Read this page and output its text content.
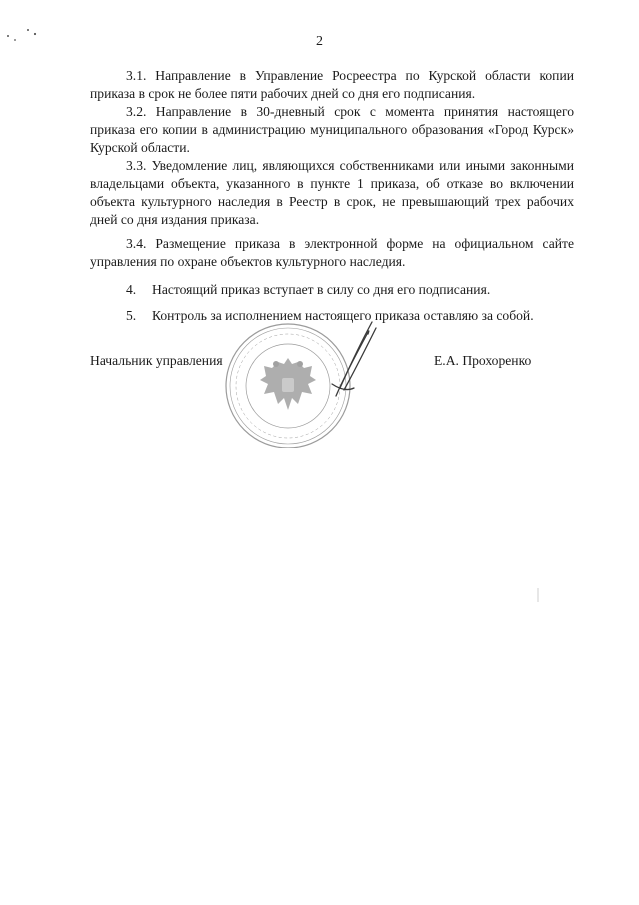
2

3.1. Направление в Управление Росреестра по Курской области копии приказа в срок не более пяти рабочих дней со дня его подписания.

3.2. Направление в 30-дневный срок с момента принятия настоящего приказа его копии в администрацию муниципального образования «Город Курск» Курской области.

3.3. Уведомление лиц, являющихся собственниками или иными законными владельцами объекта, указанного в пункте 1 приказа, об отказе во включении объекта культурного наследия в Реестр в срок, не превышающий трех рабочих дней со дня издания приказа.

3.4. Размещение приказа в электронной форме на официальном сайте управления по охране объектов культурного наследия.

4. Настоящий приказ вступает в силу со дня его подписания.

5. Контроль за исполнением настоящего приказа оставляю за собой.

Начальник управления	Е.А. Прохоренко
